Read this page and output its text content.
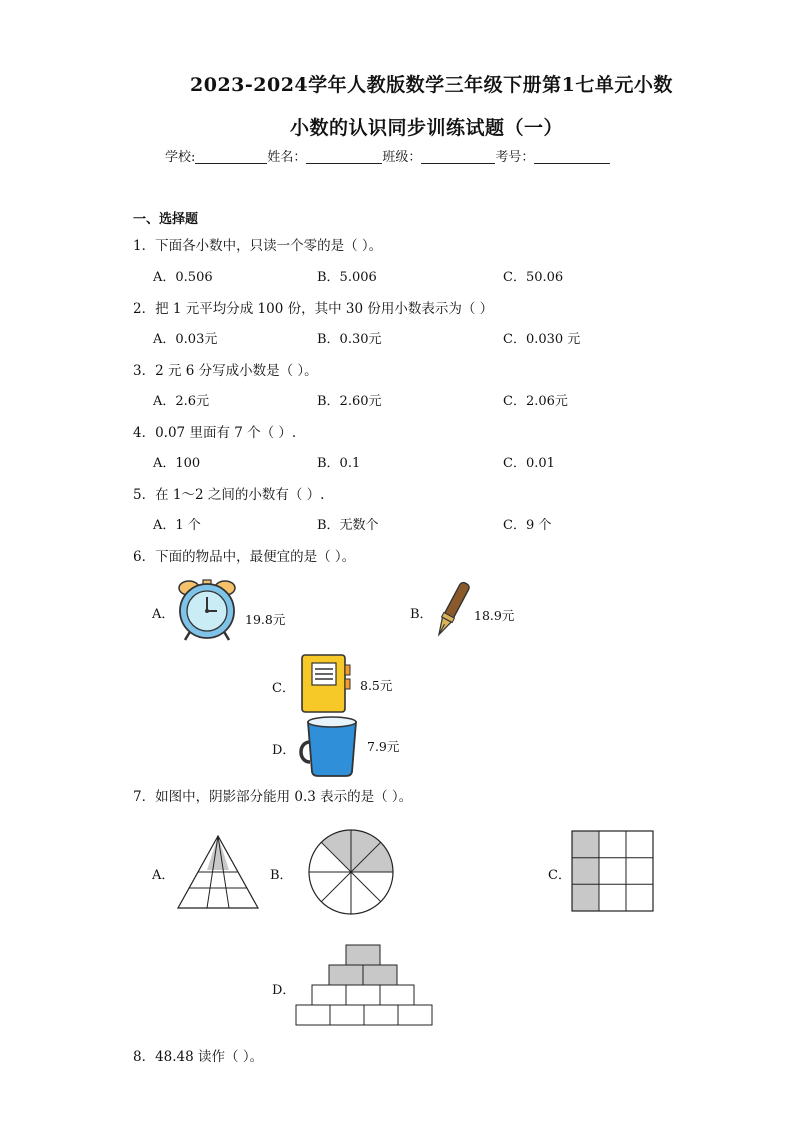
2023-2024学年人教版数学三年级下册第1七单元小数
小数的认识同步训练试题（一）
学校:	姓名：	班级：	考号：
一、选择题
1．下面各小数中，只读一个零的是（ ）。
A．0.506	B．5.006	C．50.06
2．把 1 元平均分成 100 份，其中 30 份用小数表示为（ ）
A．0.03元	B．0.30元	C．0.030 元
3．2 元 6 分写成小数是（ ）。
A．2.6元	B．2.60元	C．2.06元
4．0.07 里面有 7 个（ ）.
A．100	B．0.1	C．0.01
5．在 1～2 之间的小数有（ ）.
A．1 个	B．无数个	C．9 个
6．下面的物品中，最便宜的是（ ）。
A．	19.8元	B．	18.9元
C．	8.5元
D．	7.9元
7．如图中，阴影部分能用 0.3 表示的是（ ）。
A．	B．	C．
D．
8．48.48 读作（ ）。
